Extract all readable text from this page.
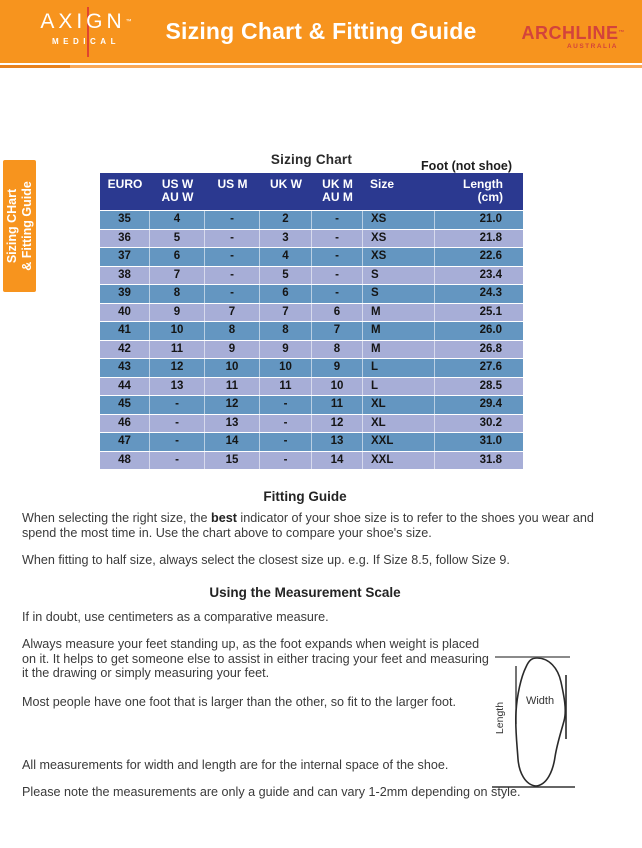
AXIGN™
MEDICAL	Sizing Chart & Fitting Guide	ARCHLINE™
AUSTRALIA
Sizing CHart & Fitting Guide
Sizing Chart	Foot (not shoe)
EURO	US W
AU W
US M	UK W	UK M
AU M
Size	Length
(cm)
35	4	-	2	-	XS	21.0
36	5	-	3	-	XS	21.8
37	6	-	4	-	XS	22.6
38	7	-	5	-	S	23.4
39	8	-	6	-	S	24.3
40	9	7	7	6	M	25.1
41	10	8	8	7	M	26.0
42	11	9	9	8	M	26.8
43	12	10	10	9	L	27.6
44	13	11	11	10	L	28.5
45	-	12	-	11	XL	29.4
46	-	13	-	12	XL	30.2
47	-	14	-	13	XXL	31.0
48	-	15	-	14	XXL	31.8
Fitting Guide
When selecting the right size, the best indicator of your shoe size is to refer to the shoes you wear and spend the most time in. Use the chart above to compare your shoe's size.
When fitting to half size, always select the closest size up. e.g. If Size 8.5, follow Size 9.
Using the Measurement Scale
If in doubt, use centimeters as a comparative measure.
Always measure your feet standing up, as the foot expands when weight is placed on it. It helps to get someone else to assist in either tracing your feet and measuring it the drawing or simply measuring your feet.
Most people have one foot that is larger than the other, so fit to the larger foot.
All measurements for width and length are for the internal space of the shoe.
Please note the measurements are only a guide and can vary 1-2mm depending on style.
Width
Length
